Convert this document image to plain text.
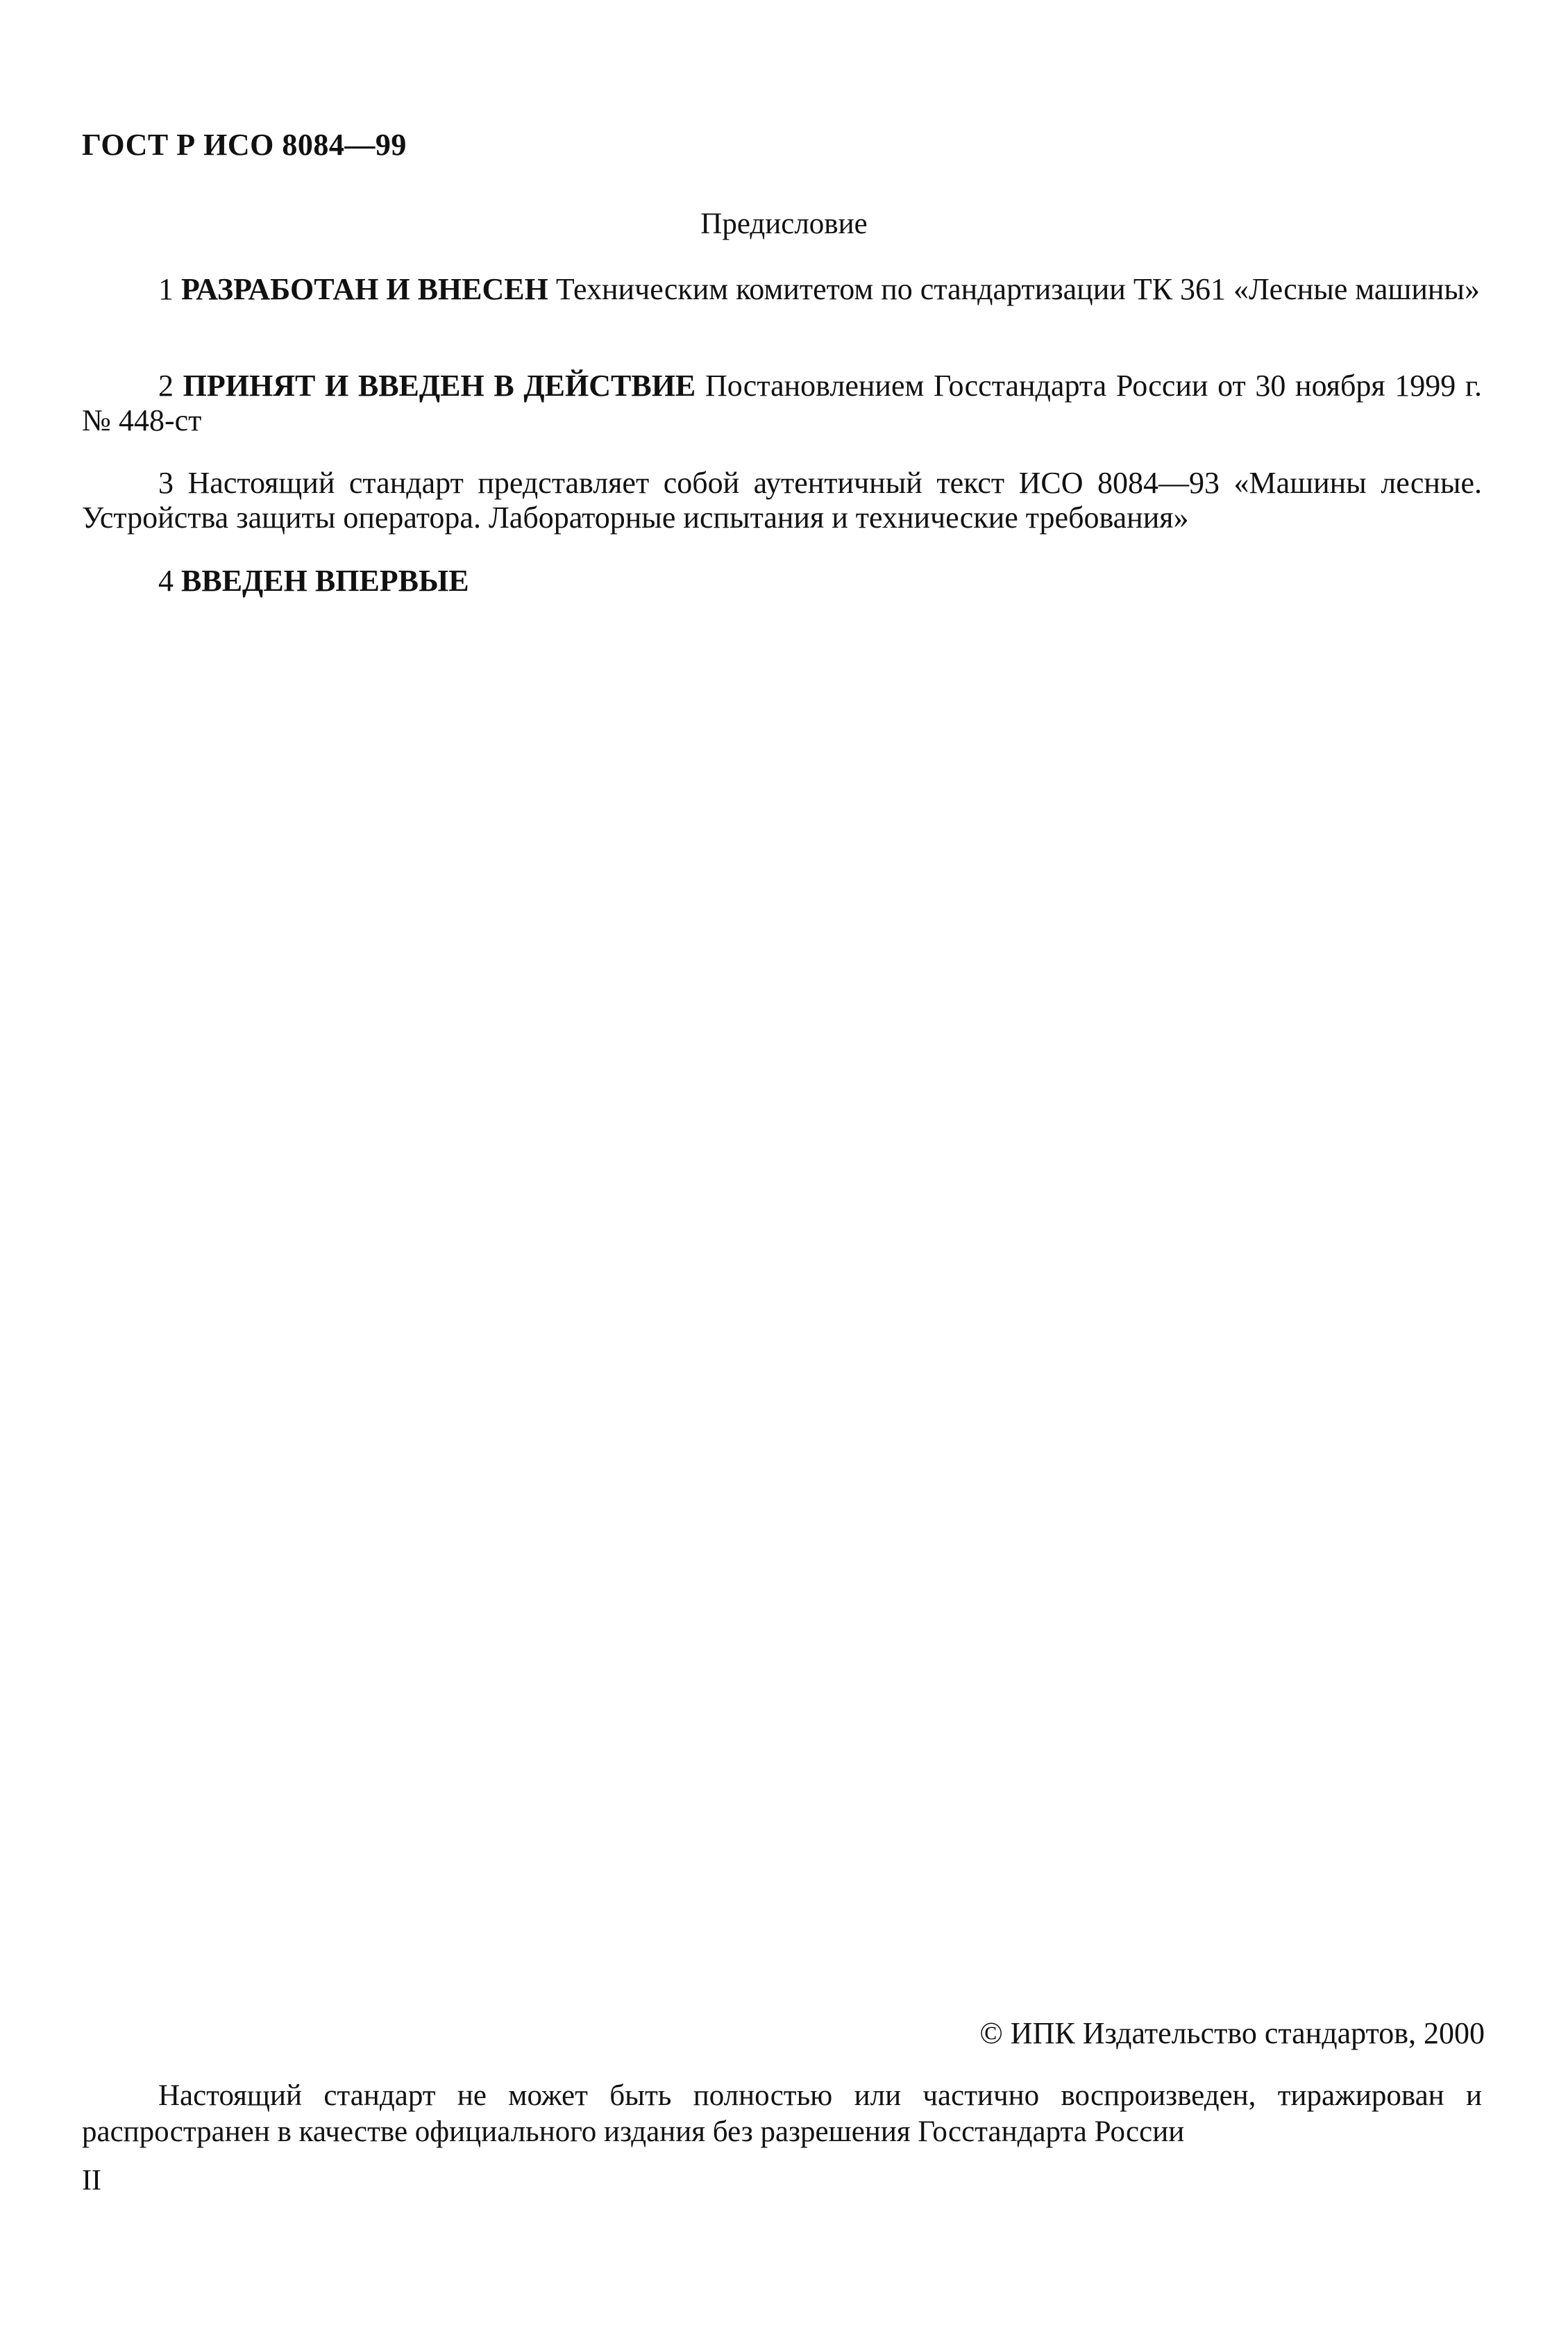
ГОСТ Р ИСО 8084—99
Предисловие
1 РАЗРАБОТАН И ВНЕСЕН Техническим комитетом по стандартизации ТК 361 «Лесные машины»
2 ПРИНЯТ И ВВЕДЕН В ДЕЙСТВИЕ Постановлением Госстандарта России от 30 ноября 1999 г. № 448-ст
3 Настоящий стандарт представляет собой аутентичный текст ИСО 8084—93 «Машины лесные. Устройства защиты оператора. Лабораторные испытания и технические требования»
4 ВВЕДЕН ВПЕРВЫЕ
© ИПК Издательство стандартов, 2000
Настоящий стандарт не может быть полностью или частично воспроизведен, тиражирован и распространен в качестве официального издания без разрешения Госстандарта России
II
